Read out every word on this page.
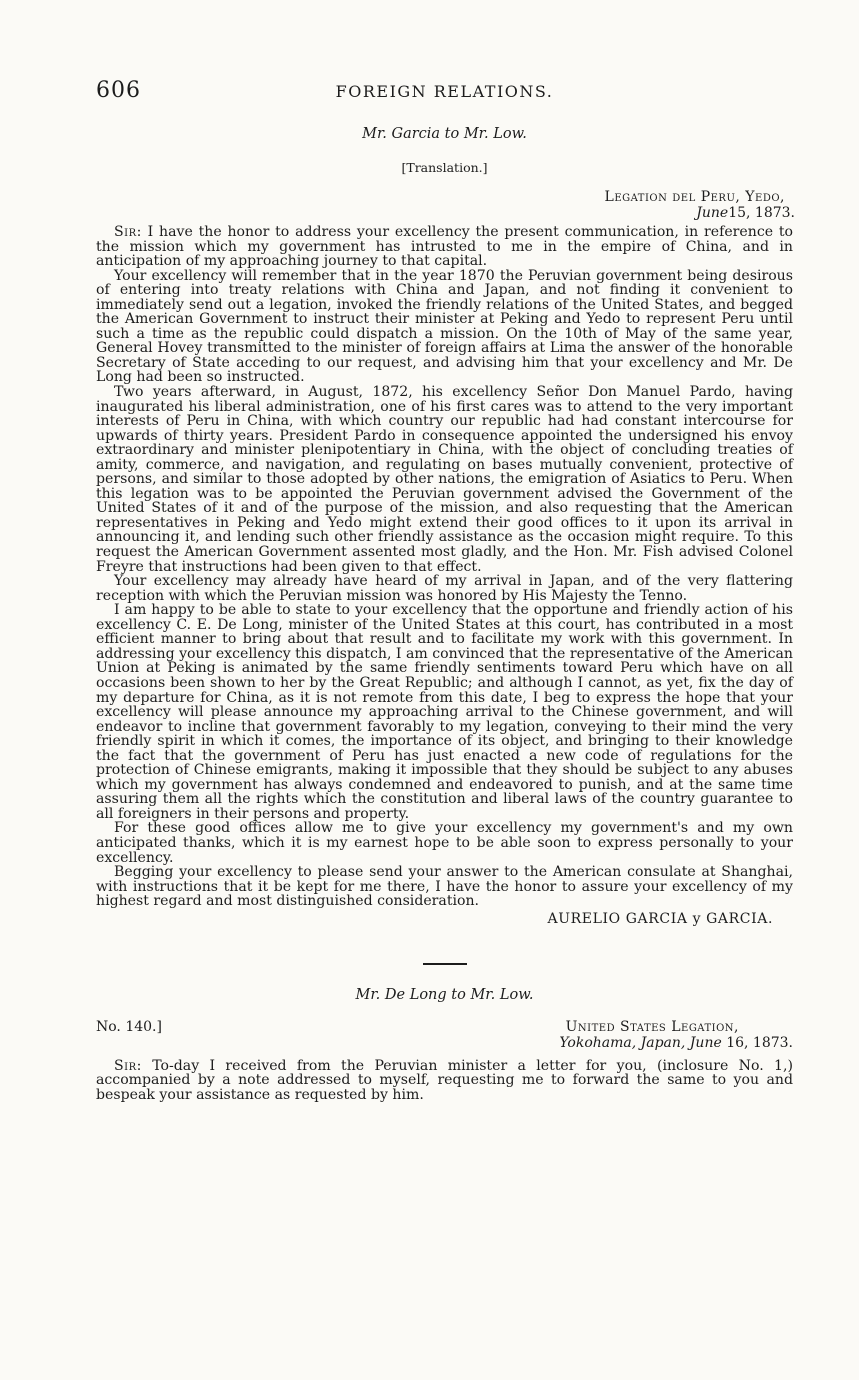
606	FOREIGN RELATIONS.
Mr. Garcia to Mr. Low.
[Translation.]
Legation del Peru, Yedo,
June15, 1873.

Sir: I have the honor to address your excellency the present communication, in reference to the mission which my government has intrusted to me in the empire of China, and in anticipation of my approaching journey to that capital.

Your excellency will remember that in the year 1870 the Peruvian government being desirous of entering into treaty relations with China and Japan, and not finding it convenient to immediately send out a legation, invoked the friendly relations of the United States, and begged the American Government to instruct their minister at Peking and Yedo to represent Peru until such a time as the republic could dispatch a mission. On the 10th of May of the same year, General Hovey transmitted to the minister of foreign affairs at Lima the answer of the honorable Secretary of State acceding to our request, and advising him that your excellency and Mr. De Long had been so instructed.

Two years afterward, in August, 1872, his excellency Señor Don Manuel Pardo, having inaugurated his liberal administration, one of his first cares was to attend to the very important interests of Peru in China, with which country our republic had had constant intercourse for upwards of thirty years. President Pardo in consequence appointed the undersigned his envoy extraordinary and minister plenipotentiary in China, with the object of concluding treaties of amity, commerce, and navigation, and regulating on bases mutually convenient, protective of persons, and similar to those adopted by other nations, the emigration of Asiatics to Peru. When this legation was to be appointed the Peruvian government advised the Government of the United States of it and of the purpose of the mission, and also requesting that the American representatives in Peking and Yedo might extend their good offices to it upon its arrival in announcing it, and lending such other friendly assistance as the occasion might require. To this request the American Government assented most gladly, and the Hon. Mr. Fish advised Colonel Freyre that instructions had been given to that effect.

Your excellency may already have heard of my arrival in Japan, and of the very flattering reception with which the Peruvian mission was honored by His Majesty the Tenno.

I am happy to be able to state to your excellency that the opportune and friendly action of his excellency C. E. De Long, minister of the United States at this court, has contributed in a most efficient manner to bring about that result and to facilitate my work with this government. In addressing your excellency this dispatch, I am convinced that the representative of the American Union at Peking is animated by the same friendly sentiments toward Peru which have on all occasions been shown to her by the Great Republic; and although I cannot, as yet, fix the day of my departure for China, as it is not remote from this date, I beg to express the hope that your excellency will please announce my approaching arrival to the Chinese government, and will endeavor to incline that government favorably to my legation, conveying to their mind the very friendly spirit in which it comes, the importance of its object, and bringing to their knowledge the fact that the government of Peru has just enacted a new code of regulations for the protection of Chinese emigrants, making it impossible that they should be subject to any abuses which my government has always condemned and endeavored to punish, and at the same time assuring them all the rights which the constitution and liberal laws of the country guarantee to all foreigners in their persons and property.

For these good offices allow me to give your excellency my government's and my own anticipated thanks, which it is my earnest hope to be able soon to express personally to your excellency.

Begging your excellency to please send your answer to the American consulate at Shanghai, with instructions that it be kept for me there, I have the honor to assure your excellency of my highest regard and most distinguished consideration.

AURELIO GARCIA y GARCIA.
Mr. De Long to Mr. Low.
No. 140.]	United States Legation,
Yokohama, Japan, June 16, 1873.

Sir: To-day I received from the Peruvian minister a letter for you, (inclosure No. 1,) accompanied by a note addressed to myself, requesting me to forward the same to you and bespeak your assistance as requested by him.
